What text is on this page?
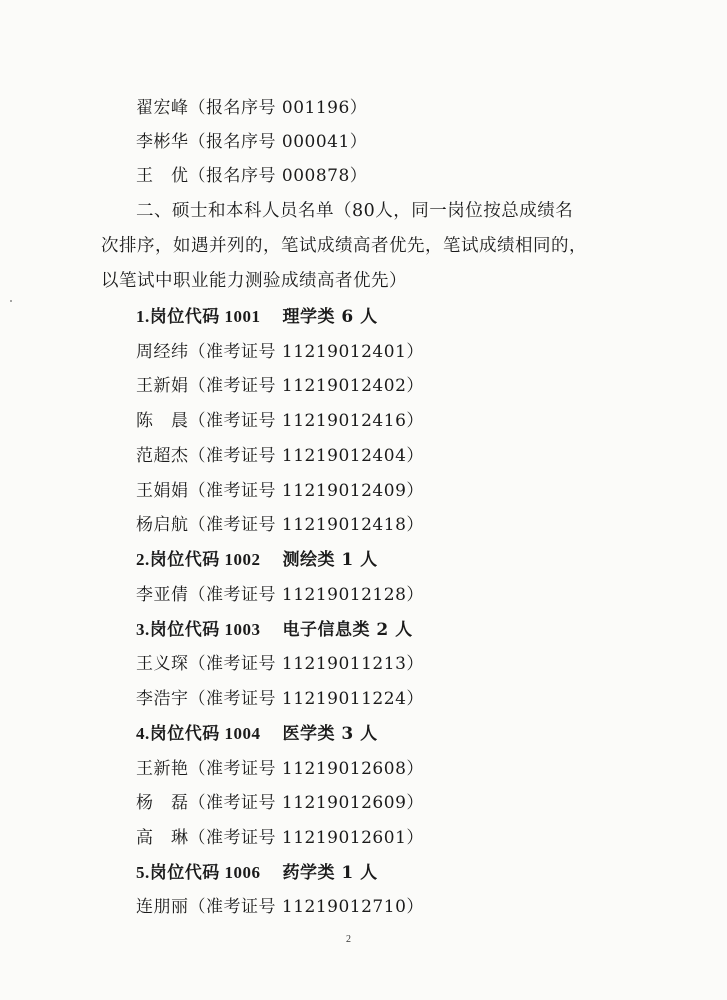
翟宏峰（报名序号 001196）
李彬华（报名序号 000041）
王　优（报名序号 000878）
二、硕士和本科人员名单（80人，同一岗位按总成绩名
次排序，如遇并列的，笔试成绩高者优先，笔试成绩相同的，
以笔试中职业能力测验成绩高者优先）
1.岗位代码 1001 理学类 6 人
周经纬（准考证号 11219012401）
王新娟（准考证号 11219012402）
陈　晨（准考证号 11219012416）
范超杰（准考证号 11219012404）
王娟娟（准考证号 11219012409）
杨启航（准考证号 11219012418）
2.岗位代码 1002 测绘类 1 人
李亚倩（准考证号 11219012128）
3.岗位代码 1003 电子信息类 2 人
王义琛（准考证号 11219011213）
李浩宇（准考证号 11219011224）
4.岗位代码 1004 医学类 3 人
王新艳（准考证号 11219012608）
杨　磊（准考证号 11219012609）
高　琳（准考证号 11219012601）
5.岗位代码 1006 药学类 1 人
连朋丽（准考证号 11219012710）
2
